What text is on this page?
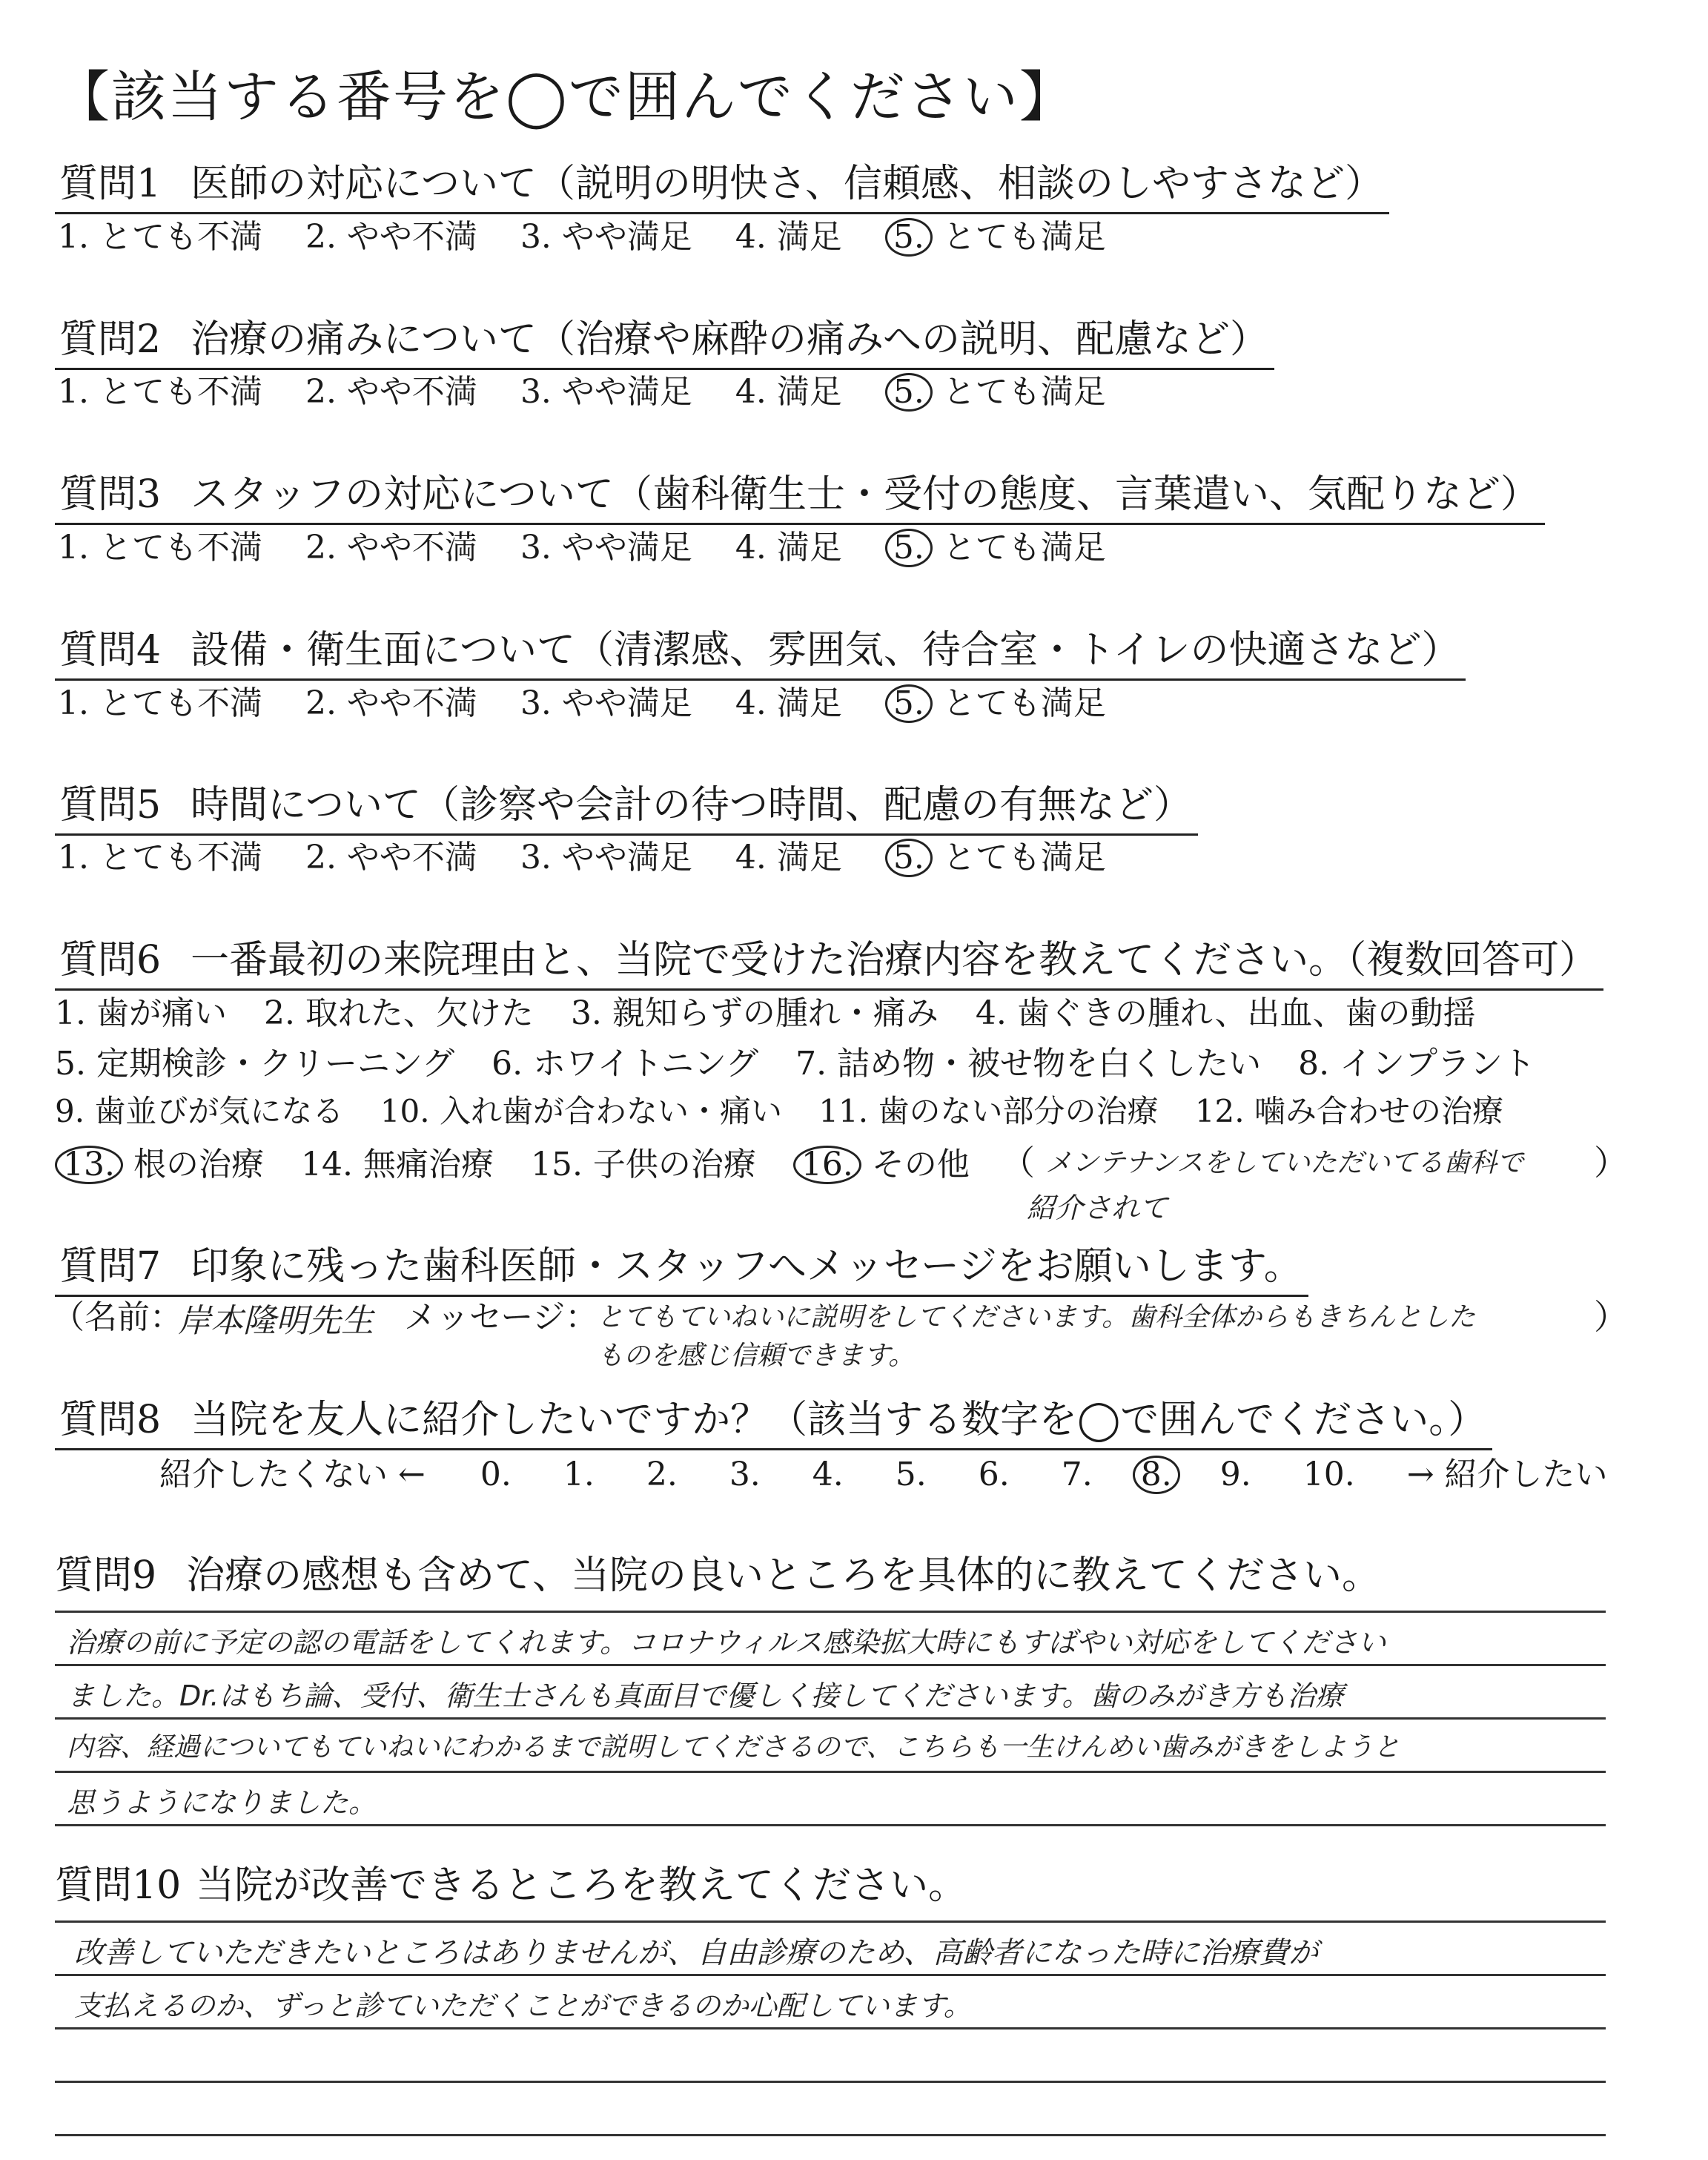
【該当する番号を◯で囲んでください】
質問1 医師の対応について（説明の明快さ、信頼感、相談のしやすさなど）
1. とても不満 2. やや不満 3. やや満足 4. 満足 5. とても満足
質問2 治療の痛みについて（治療や麻酔の痛みへの説明、配慮など）
1. とても不満 2. やや不満 3. やや満足 4. 満足 5. とても満足
質問3 スタッフの対応について（歯科衛生士・受付の態度、言葉遣い、気配りなど）
1. とても不満 2. やや不満 3. やや満足 4. 満足 5. とても満足
質問4 設備・衛生面について（清潔感、雰囲気、待合室・トイレの快適さなど）
1. とても不満 2. やや不満 3. やや満足 4. 満足 5. とても満足
質問5 時間について（診察や会計の待つ時間、配慮の有無など）
1. とても不満 2. やや不満 3. やや満足 4. 満足 5. とても満足
質問6 一番最初の来院理由と、当院で受けた治療内容を教えてください。（複数回答可）
1. 歯が痛い 2. 取れた、欠けた 3. 親知らずの腫れ・痛み 4. 歯ぐきの腫れ、出血、歯の動揺
5. 定期検診・クリーニング 6. ホワイトニング 7. 詰め物・被せ物を白くしたい 8. インプラント
9. 歯並びが気になる 10. 入れ歯が合わない・痛い 11. 歯のない部分の治療 12. 噛み合わせの治療
13. 根の治療 14. 無痛治療 15. 子供の治療 16. その他 （ メンテナンスをしていただいてる歯科で ）
紹介されて
質問7 印象に残った歯科医師・スタッフへメッセージをお願いします。
（名前：
岸本隆明先生 メッセージ：
とてもていねいに説明をしてくださいます。歯科全体からもきちんとした	）
ものを感じ信頼できます。
質問8 当院を友人に紹介したいですか？（該当する数字を◯で囲んでください。）
紹介したくない ← 0. 1. 2. 3. 4. 5. 6. 7. 8. 9. 10. → 紹介したい
質問9 治療の感想も含めて、当院の良いところを具体的に教えてください。
治療の前に予定の認の電話をしてくれます。コロナウィルス感染拡大時にもすばやい対応をしてください
ました。Dr.はもち論、受付、衛生士さんも真面目で優しく接してくださいます。歯のみがき方も治療
内容、経過についてもていねいにわかるまで説明してくださるので、こちらも一生けんめい歯みがきをしようと
思うようになりました。
質問10 当院が改善できるところを教えてください。
改善していただきたいところはありませんが、自由診療のため、高齢者になった時に治療費が
支払えるのか、ずっと診ていただくことができるのか心配しています。
